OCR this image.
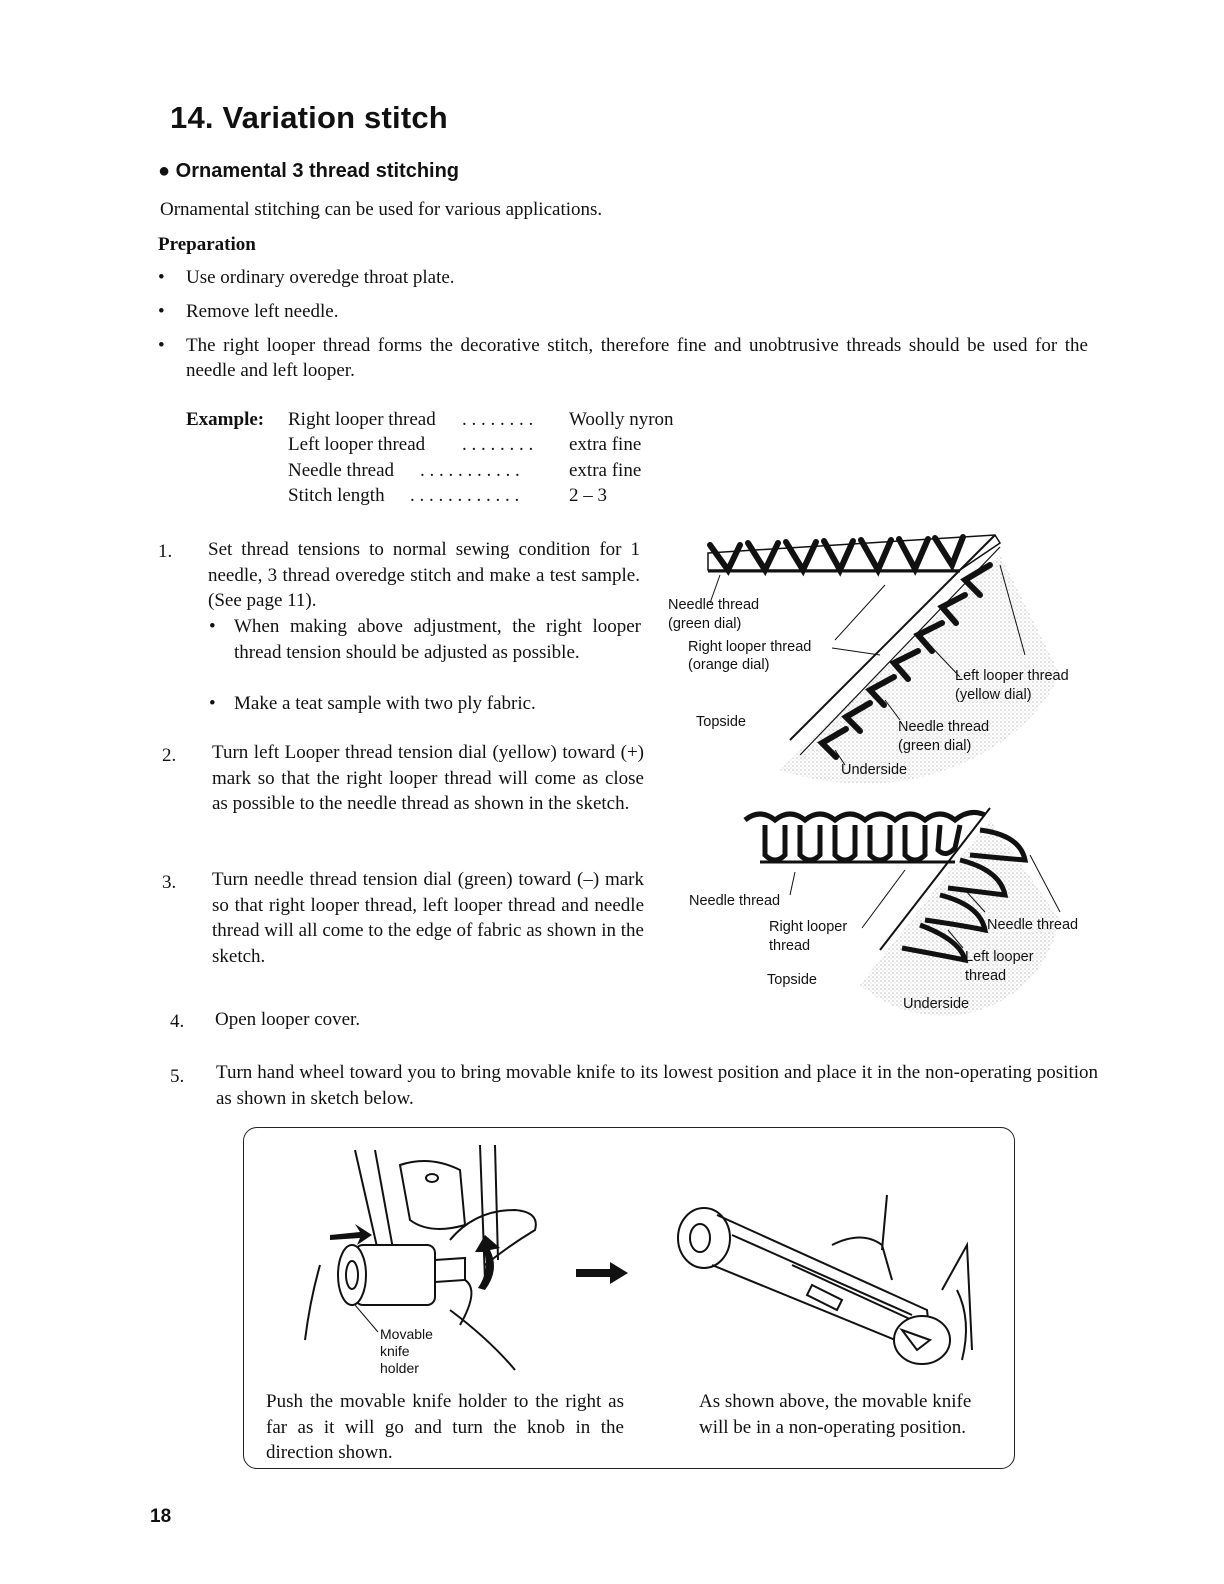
14. Variation stitch
● Ornamental 3 thread stitching
Ornamental stitching can be used for various applications.
Preparation
• Use ordinary overedge throat plate.
• Remove left needle.
• The right looper thread forms the decorative stitch, therefore fine and unobtrusive threads should be used for the needle and left looper.
Example: Right looper thread . . . . . . . . Woolly nyron
Left looper thread . . . . . . . . extra fine
Needle thread . . . . . . . . . . .	extra fine
Stitch length . . . . . . . . . . . .	2 – 3
1. Set thread tensions to normal sewing condition for 1 needle, 3 thread overedge stitch and make a test sample. (See page 11).
• When making above adjustment, the right looper thread tension should be adjusted as possible.
• Make a teat sample with two ply fabric.
2. Turn left Looper thread tension dial (yellow) toward (+) mark so that the right looper thread will come as close as possible to the needle thread as shown in the sketch.
3. Turn needle thread tension dial (green) toward (–) mark so that right looper thread, left looper thread and needle thread will all come to the edge of fabric as shown in the sketch.
4. Open looper cover.
5. Turn hand wheel toward you to bring movable knife to its lowest position and place it in the non-operating position as shown in sketch below.
Needle thread
(green dial)
Right looper thread
(orange dial)
Left looper thread
(yellow dial)
Topside	Needle thread
(green dial)
Underside
Needle thread
Right looper
thread
Needle thread
Left looper
thread
Topside
Underside
Movable
knife
holder
Push the movable knife holder to the right as far as it will go and turn the knob in the direction shown.
As shown above, the movable knife will be in a non-operating position.
18
